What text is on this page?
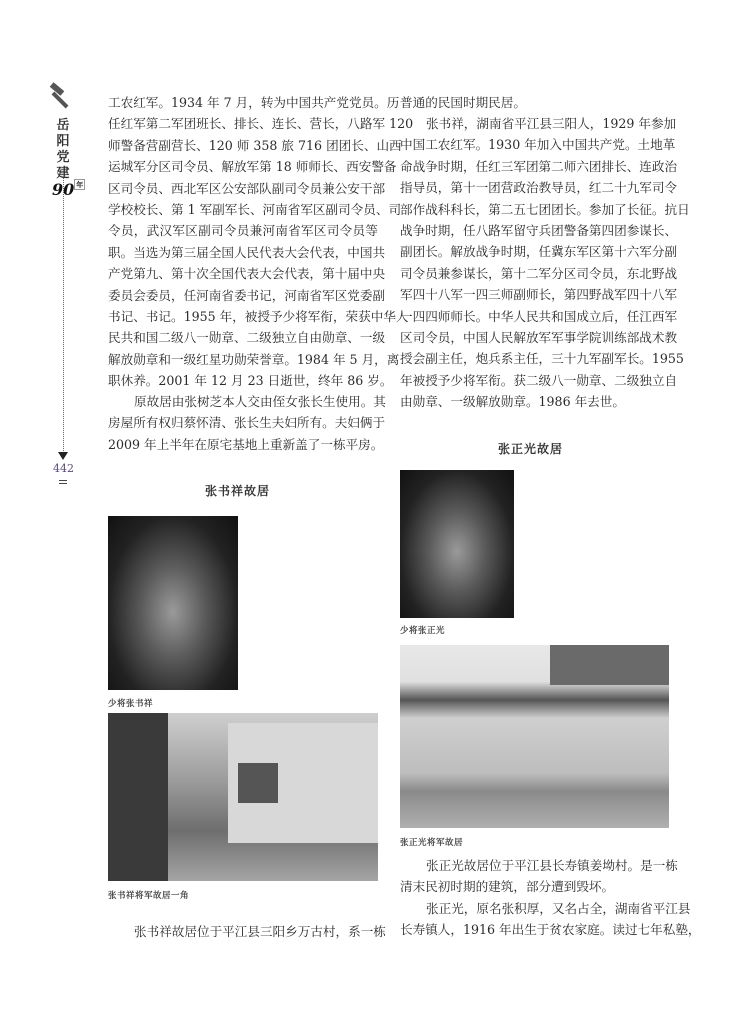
岳
阳
党
建
90 $^年$
442
工农红军。1934 年 7 月，转为中国共产党党员。历
任红军第二军团班长、排长、连长、营长，八路军 120
师警备营副营长、120 师 358 旅 716 团团长、山西
运城军分区司令员、解放军第 18 师师长、西安警备
区司令员、西北军区公安部队副司令员兼公安干部
学校校长、第 1 军副军长、河南省军区副司令员、司
令员，武汉军区副司令员兼河南省军区司令员等
职。当选为第三届全国人民代表大会代表，中国共
产党第九、第十次全国代表大会代表，第十届中央
委员会委员，任河南省委书记，河南省军区党委副
书记、书记。1955 年，被授予少将军衔，荣获中华人
民共和国二级八一勋章、二级独立自由勋章、一级
解放勋章和一级红星功勋荣誉章。1984 年 5 月，离
职休养。2001 年 12 月 23 日逝世，终年 86 岁。
原故居由张树芝本人交由侄女张长生使用。其
房屋所有权归蔡怀清、张长生夫妇所有。夫妇俩于
2009 年上半年在原宅基地上重新盖了一栋平房。
张书祥故居
少将张书祥
张书祥将军故居一角
张书祥故居位于平江县三阳乡万古村，系一栋
普通的民国时期民居。
张书祥，湖南省平江县三阳人，1929 年参加
中国工农红军。1930 年加入中国共产党。土地革
命战争时期，任红三军团第二师六团排长、连政治
指导员，第十一团营政治教导员，红二十九军司令
部作战科科长，第二五七团团长。参加了长征。抗日
战争时期，任八路军留守兵团警备第四团参谋长、
副团长。解放战争时期，任冀东军区第十六军分副
司令员兼参谋长，第十二军分区司令员，东北野战
军四十八军一四三师副师长，第四野战军四十八军
一四四师师长。中华人民共和国成立后，任江西军
区司令员，中国人民解放军军事学院训练部战术教
授会副主任，炮兵系主任，三十九军副军长。1955
年被授予少将军衔。获二级八一勋章、二级独立自
由勋章、一级解放勋章。1986 年去世。
张正光故居
少将张正光
张正光将军故居
张正光故居位于平江县长寿镇姜坳村。是一栋
清末民初时期的建筑，部分遭到毁坏。
张正光，原名张积厚，又名占全，湖南省平江县
长寿镇人，1916 年出生于贫农家庭。读过七年私塾，
